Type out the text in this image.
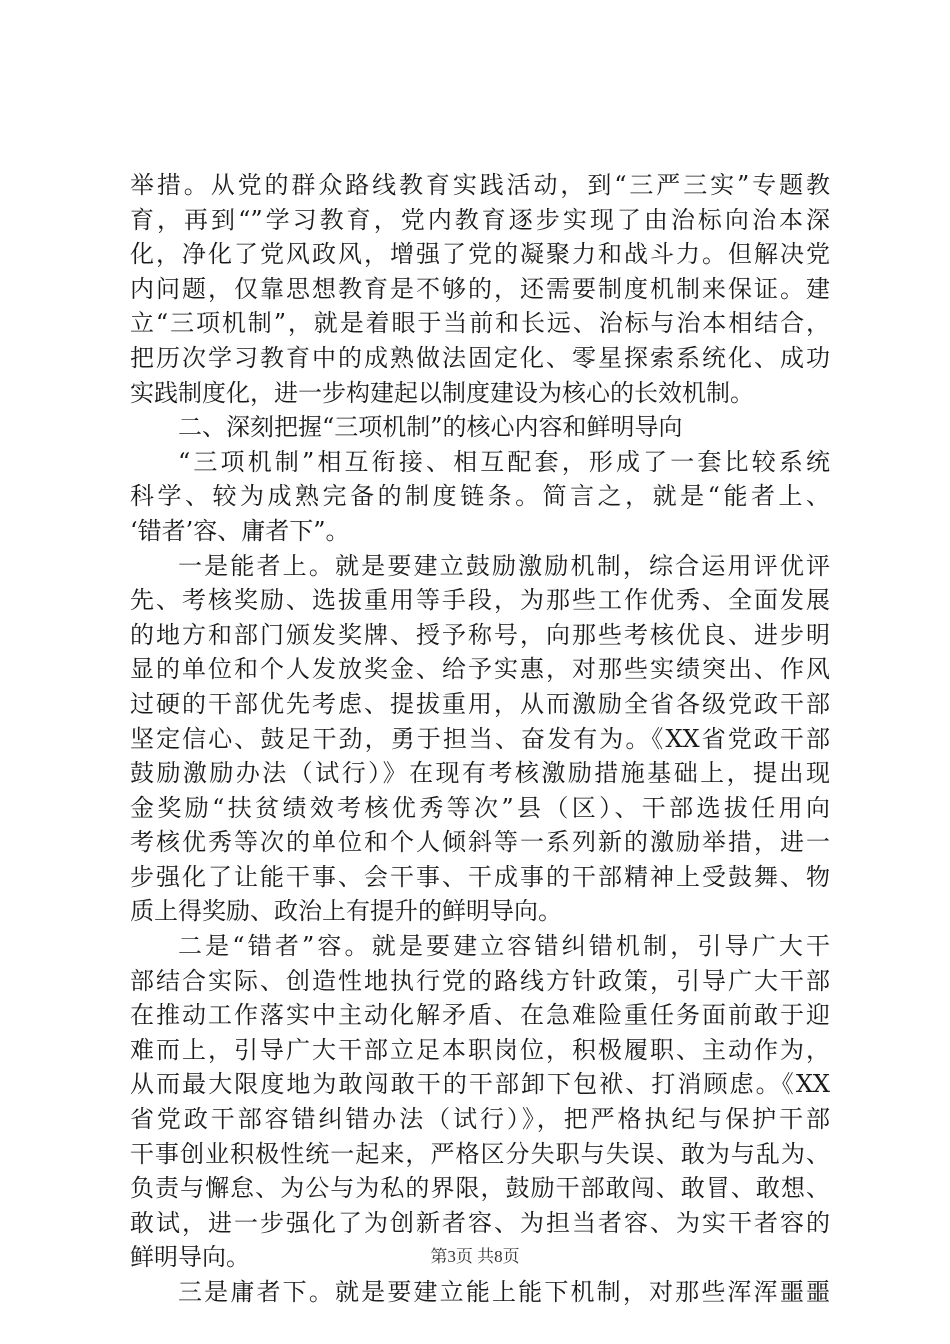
举措。从党的群众路线教育实践活动，到“三严三实”专题教
育，再到“”学习教育，党内教育逐步实现了由治标向治本深
化，净化了党风政风，增强了党的凝聚力和战斗力。但解决党
内问题，仅靠思想教育是不够的，还需要制度机制来保证。建
立“三项机制”，就是着眼于当前和长远、治标与治本相结合，
把历次学习教育中的成熟做法固定化、零星探索系统化、成功
实践制度化，进一步构建起以制度建设为核心的长效机制。
二、深刻把握“三项机制”的核心内容和鲜明导向
“三项机制”相互衔接、相互配套，形成了一套比较系统
科学、较为成熟完备的制度链条。简言之，就是“能者上、
‘错者’容、庸者下”。
一是能者上。就是要建立鼓励激励机制，综合运用评优评
先、考核奖励、选拔重用等手段，为那些工作优秀、全面发展
的地方和部门颁发奖牌、授予称号，向那些考核优良、进步明
显的单位和个人发放奖金、给予实惠，对那些实绩突出、作风
过硬的干部优先考虑、提拔重用，从而激励全省各级党政干部
坚定信心、鼓足干劲，勇于担当、奋发有为。《XX省党政干部
鼓励激励办法（试行）》在现有考核激励措施基础上，提出现
金奖励“扶贫绩效考核优秀等次”县（区）、干部选拔任用向
考核优秀等次的单位和个人倾斜等一系列新的激励举措，进一
步强化了让能干事、会干事、干成事的干部精神上受鼓舞、物
质上得奖励、政治上有提升的鲜明导向。
二是“错者”容。就是要建立容错纠错机制，引导广大干
部结合实际、创造性地执行党的路线方针政策，引导广大干部
在推动工作落实中主动化解矛盾、在急难险重任务面前敢于迎
难而上，引导广大干部立足本职岗位，积极履职、主动作为，
从而最大限度地为敢闯敢干的干部卸下包袱、打消顾虑。《XX
省党政干部容错纠错办法（试行）》，把严格执纪与保护干部
干事创业积极性统一起来，严格区分失职与失误、敢为与乱为、
负责与懈怠、为公与为私的界限，鼓励干部敢闯、敢冒、敢想、
敢试，进一步强化了为创新者容、为担当者容、为实干者容的
鲜明导向。
三是庸者下。就是要建立能上能下机制，对那些浑浑噩噩
第3页 共8页
